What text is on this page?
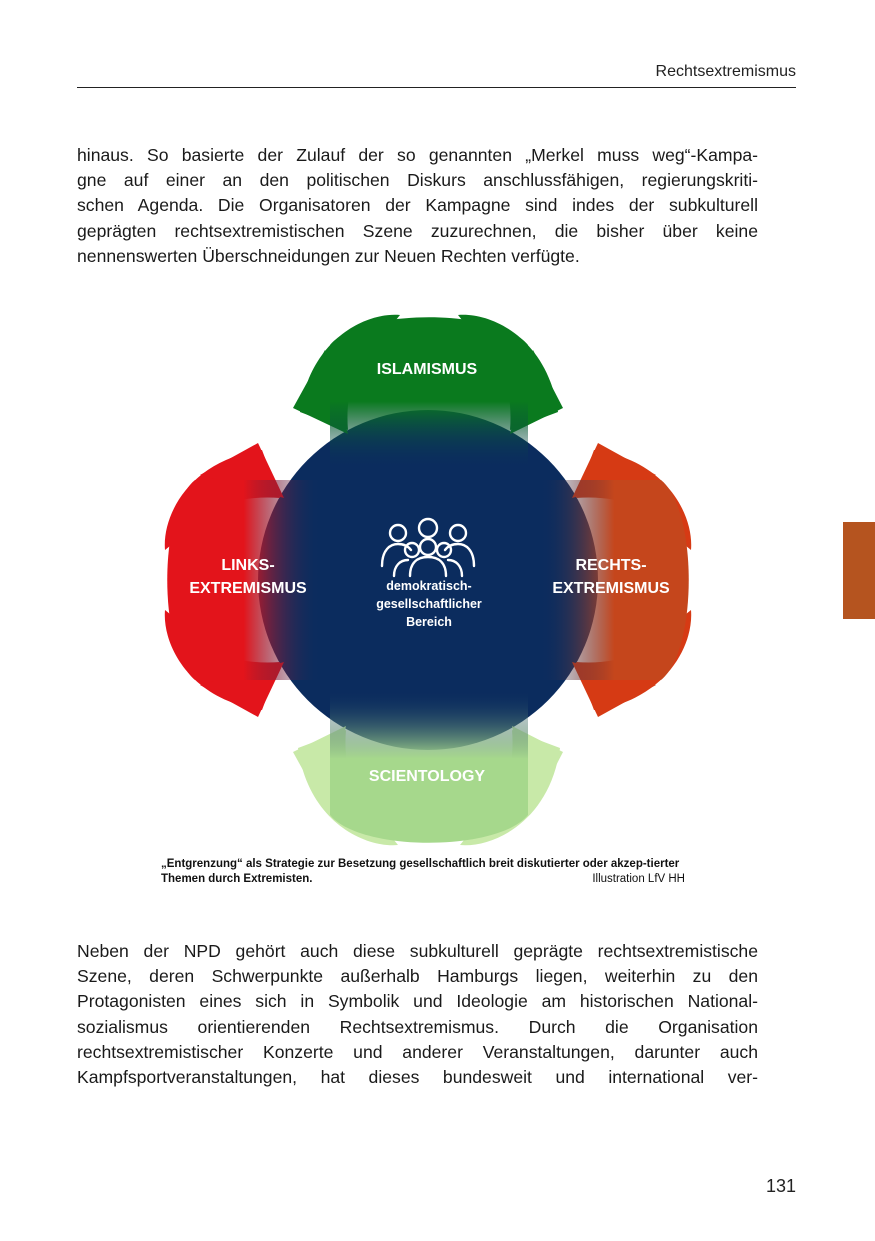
Rechtsextremismus
hinaus. So basierte der Zulauf der so genannten „Merkel muss weg“-Kampa-
gne auf einer an den politischen Diskurs anschlussfähigen, regierungskriti-
schen Agenda. Die Organisatoren der Kampagne sind indes der subkulturell
geprägten rechtsextremistischen Szene zuzurechnen, die bisher über keine
nennenswerten Überschneidungen zur Neuen Rechten verfügte.
ISLAMISMUS
SCIENTOLOGY
LINKS-
EXTREMISMUS
RECHTS-
EXTREMISMUS
demokratisch-
gesellschaftlicher
Bereich
„Entgrenzung“ als Strategie zur Besetzung gesellschaftlich breit diskutierter oder akzep-tierter Themen durch Extremisten.	Illustration LfV HH
Neben der NPD gehört auch diese subkulturell geprägte rechtsextremistische
Szene, deren Schwerpunkte außerhalb Hamburgs liegen, weiterhin zu den
Protagonisten eines sich in Symbolik und Ideologie am historischen National-
sozialismus orientierenden Rechtsextremismus. Durch die Organisation
rechtsextremistischer Konzerte und anderer Veranstaltungen, darunter auch
Kampfsportveranstaltungen, hat dieses bundesweit und international ver-
131
